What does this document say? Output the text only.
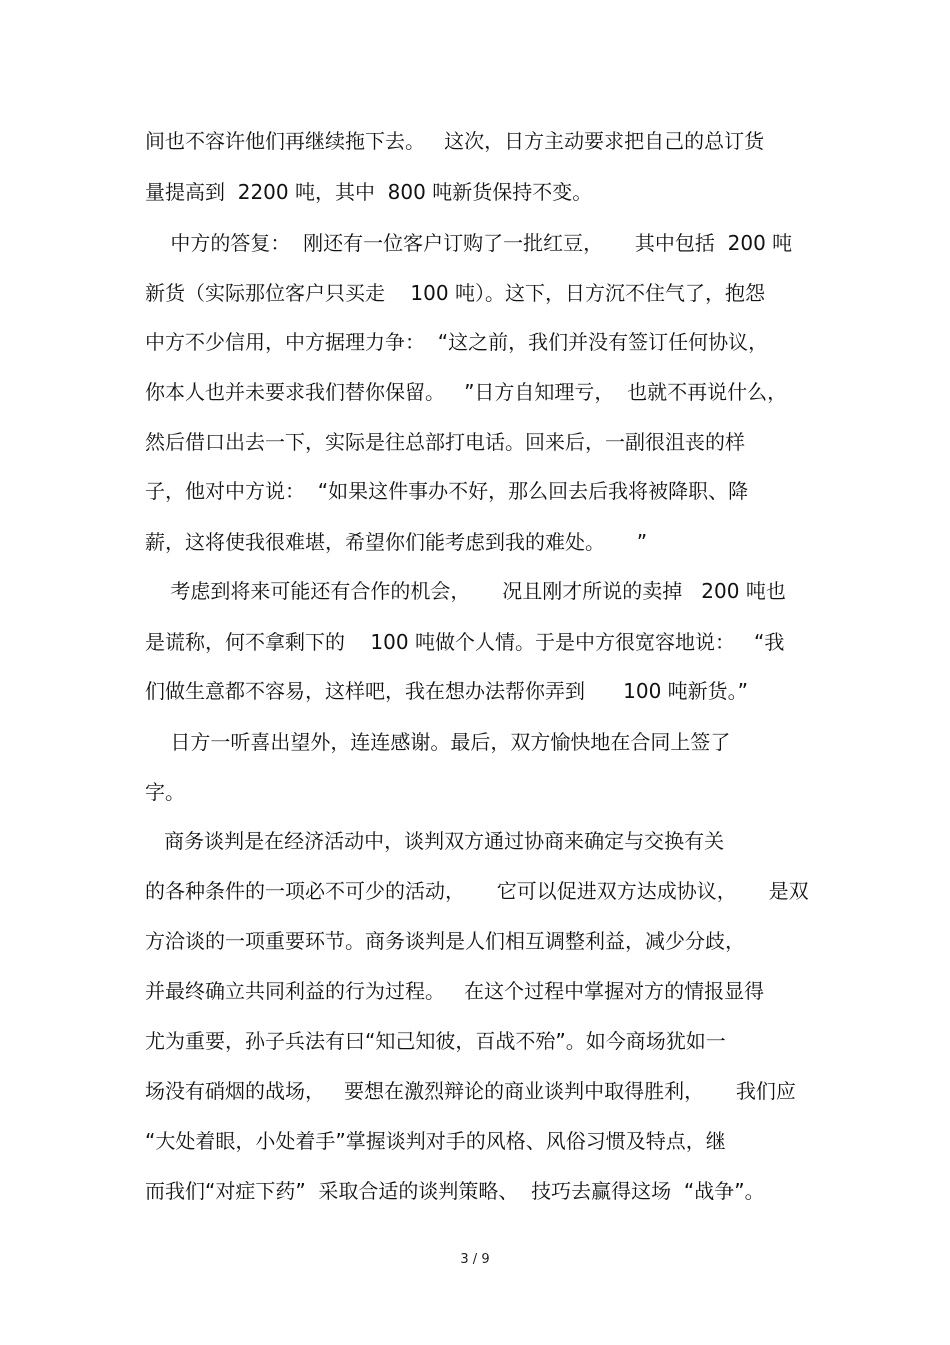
间也不容许他们再继续拖下去。   这次，日方主动要求把自己的总订货
量提高到  2200 吨，其中  800 吨新货保持不变。
中方的答复：  刚还有一位客户订购了一批红豆，     其中包括  200 吨
新货（实际那位客户只买走    100 吨）。这下，日方沉不住气了，抱怨
中方不少信用，中方据理力争：  “这之前，我们并没有签订任何协议，
你本人也并未要求我们替你保留。   ”日方自知理亏，  也就不再说什么，
然后借口出去一下，实际是往总部打电话。回来后，一副很沮丧的样
子，他对中方说：  “如果这件事办不好，那么回去后我将被降职、降
薪，这将使我很难堪，希望你们能考虑到我的难处。     ”
考虑到将来可能还有合作的机会，     况且刚才所说的卖掉   200 吨也
是谎称，何不拿剩下的    100 吨做个人情。于是中方很宽容地说：   “我
们做生意都不容易，这样吧，我在想办法帮你弄到      100 吨新货。”
日方一听喜出望外，连连感谢。最后，双方愉快地在合同上签了
字。
商务谈判是在经济活动中，谈判双方通过协商来确定与交换有关
的各种条件的一项必不可少的活动，     它可以促进双方达成协议，     是双
方洽谈的一项重要环节。商务谈判是人们相互调整利益，减少分歧，
并最终确立共同利益的行为过程。   在这个过程中掌握对方的情报显得
尤为重要，孙子兵法有曰“知己知彼，百战不殆”。如今商场犹如一
场没有硝烟的战场，   要想在激烈辩论的商业谈判中取得胜利，     我们应
“大处着眼，小处着手”掌握谈判对手的风格、风俗习惯及特点，继
而我们“对症下药”  采取合适的谈判策略、  技巧去赢得这场  “战争”。
3 / 9
